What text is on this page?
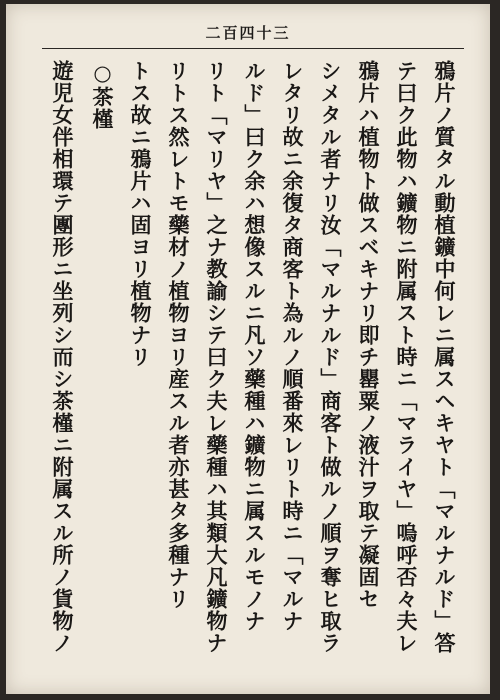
二百四十三
鴉片ノ質タル動植鑛中何レニ属スヘキヤト「マルナルド」答
テ曰ク此物ハ鑛物ニ附属スト時ニ「マライヤ」嗚呼否々夫レ
鴉片ハ植物ト做スベキナリ即チ罌粟ノ液汁ヲ取テ凝固セ
シメタル者ナリ汝「マルナルド」商客ト做ルノ順ヲ奪ヒ取ラ
レタリ故ニ余復タ商客ト為ルノ順番來レリト時ニ「マルナ
ルド」曰ク余ハ想像スルニ凡ソ藥種ハ鑛物ニ属スルモノナ
リト「マリヤ」之ナ教諭シテ曰ク夫レ藥種ハ其類大凡鑛物ナ
リトス然レトモ藥材ノ植物ヨリ産スル者亦甚タ多種ナリ
トス故ニ鴉片ハ固ヨリ植物ナリ
○茶槿
遊児女伴相環テ團形ニ坐列シ而シ茶槿ニ附属スル所ノ貨物ノ
